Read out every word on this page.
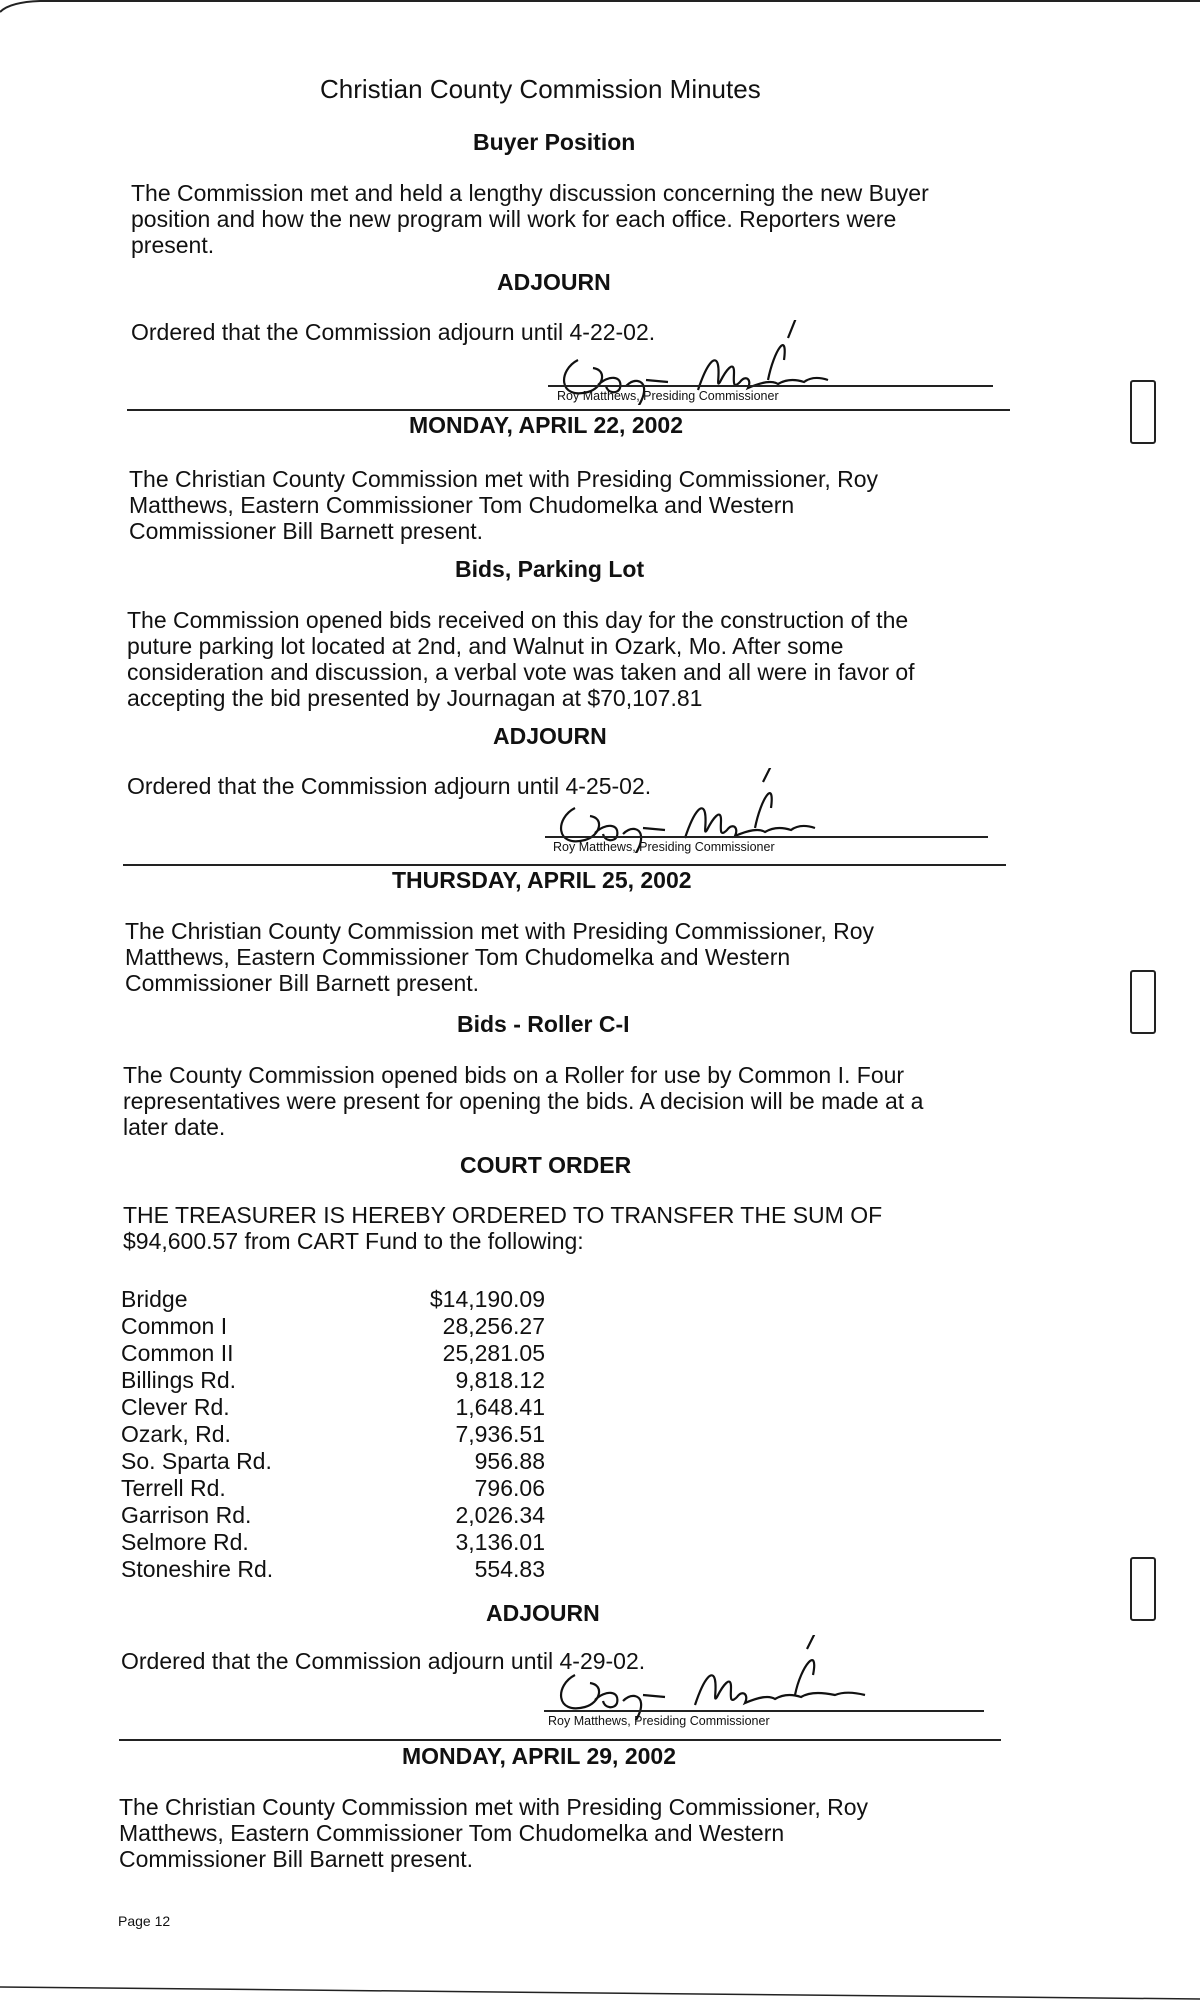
Christian County Commission Minutes
Buyer Position
The Commission met and held a lengthy discussion concerning the new Buyer
position and how the new program will work for each office. Reporters were
present.
ADJOURN
Ordered that the Commission adjourn until 4-22-02.
Roy Matthews, Presiding Commissioner
MONDAY, APRIL 22, 2002
The Christian County Commission met with Presiding Commissioner, Roy
Matthews, Eastern Commissioner Tom Chudomelka and Western
Commissioner Bill Barnett present.
Bids, Parking Lot
The Commission opened bids received on this day for the construction of the
puture parking lot located at 2nd, and Walnut in Ozark, Mo. After some
consideration and discussion, a verbal vote was taken and all were in favor of
accepting the bid presented by Journagan at $70,107.81
ADJOURN
Ordered that the Commission adjourn until 4-25-02.
Roy Matthews, Presiding Commissioner
THURSDAY, APRIL 25, 2002
The Christian County Commission met with Presiding Commissioner, Roy
Matthews, Eastern Commissioner Tom Chudomelka and Western
Commissioner Bill Barnett present.
Bids - Roller C-I
The County Commission opened bids on a Roller for use by Common I. Four
representatives were present for opening the bids. A decision will be made at a
later date.
COURT ORDER
THE TREASURER IS HEREBY ORDERED TO TRANSFER THE SUM OF
$94,600.57 from CART Fund to the following:
Bridge	$14,190.09
Common I	28,256.27
Common II	25,281.05
Billings Rd.	9,818.12
Clever Rd.	1,648.41
Ozark, Rd.	7,936.51
So. Sparta Rd.	956.88
Terrell Rd.	796.06
Garrison Rd.	2,026.34
Selmore Rd.	3,136.01
Stoneshire Rd.	554.83
ADJOURN
Ordered that the Commission adjourn until 4-29-02.
Roy Matthews, Presiding Commissioner
MONDAY, APRIL 29, 2002
The Christian County Commission met with Presiding Commissioner, Roy
Matthews, Eastern Commissioner Tom Chudomelka and Western
Commissioner Bill Barnett present.
Page 12
